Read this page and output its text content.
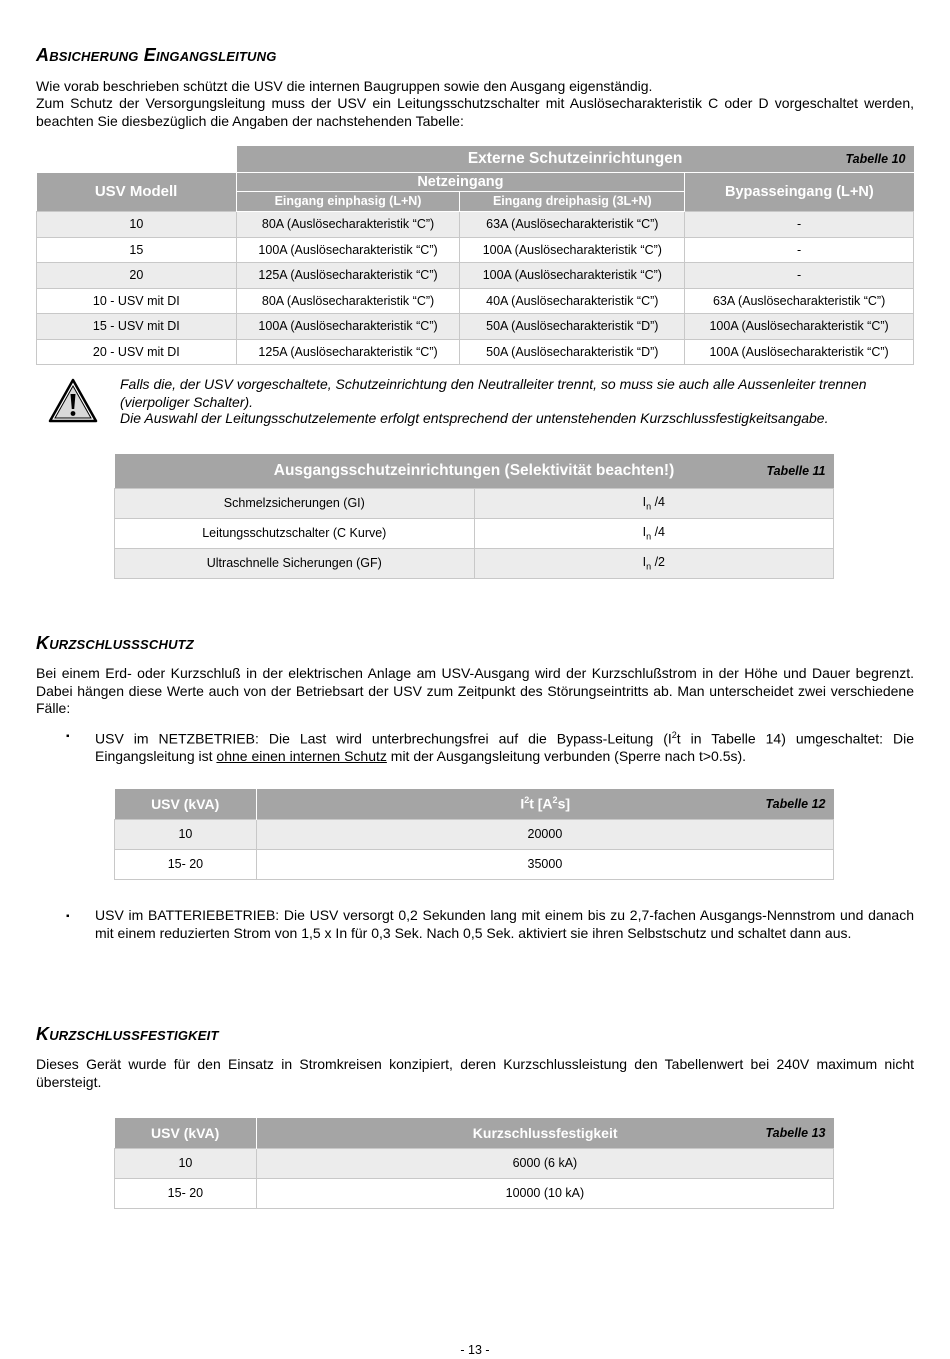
Absicherung Eingangsleitung

Wie vorab beschrieben schützt die USV die internen Baugruppen sowie den Ausgang eigenständig.

Zum Schutz der Versorgungsleitung muss der USV ein Leitungsschutzschalter mit Auslösecharakteristik C oder D vorgeschaltet werden, beachten Sie diesbezüglich die Angaben der nachstehenden Tabelle:

	Externe Schutzeinrichtungen Tabelle 10		

USV Modell	Netzeingang		Bypasseingang (L+N)
	Eingang einphasig (L+N)	Eingang dreiphasig (3L+N)	
10	80A (Auslösecharakteristik “C”)	63A (Auslösecharakteristik “C”)	-
15	100A (Auslösecharakteristik “C”)	100A (Auslösecharakteristik “C”)	-
20	125A (Auslösecharakteristik “C”)	100A (Auslösecharakteristik “C”)	-
10 - USV mit DI	80A (Auslösecharakteristik “C”)	40A (Auslösecharakteristik “C”)	63A (Auslösecharakteristik “C”)
15 - USV mit DI	100A (Auslösecharakteristik “C”)	50A (Auslösecharakteristik “D”)	100A (Auslösecharakteristik “C”)
20 - USV mit DI	125A (Auslösecharakteristik “C”)	50A (Auslösecharakteristik “D”)	100A (Auslösecharakteristik “C”)

Falls die, der USV vorgeschaltete, Schutzeinrichtung den Neutralleiter trennt, so muss sie auch alle Aussenleiter trennen (vierpoliger Schalter).

Die Auswahl der Leitungsschutzelemente erfolgt entsprechend der untenstehenden Kurzschlussfestigkeitsangabe.

Ausgangsschutzeinrichtungen (Selektivität beachten!) Tabelle 11	

Schmelzsicherungen (GI)	$I_n$ /4
Leitungsschutzschalter (C Kurve)	$I_n$ /4
Ultraschnelle Sicherungen (GF)	$I_n$ /2
Kurzschlussschutz

Bei einem Erd- oder Kurzschluß in der elektrischen Anlage am USV-Ausgang wird der Kurzschlußstrom in der Höhe und Dauer begrenzt. Dabei hängen diese Werte auch von der Betriebsart der USV zum Zeitpunkt des Störungseintritts ab. Man unterscheidet zwei verschiedene Fälle:

▪ USV im NETZBETRIEB: Die Last wird unterbrechungsfrei auf die Bypass-Leitung ($I^2t$ in Tabelle 14) umgeschaltet: Die Eingangsleitung ist ohne einen internen Schutz mit der Ausgangsleitung verbunden (Sperre nach t>0.5s).

USV (kVA)	$I^2t$ $[A^2s]$ Tabelle 12

10	20000
15- 20	35000
▪ USV im BATTERIEBETRIEB: Die USV versorgt 0,2 Sekunden lang mit einem bis zu 2,7-fachen Ausgangs-Nennstrom und danach mit einem reduzierten Strom von 1,5 x In für 0,3 Sek. Nach 0,5 Sek. aktiviert sie ihren Selbstschutz und schaltet dann aus.

Kurzschlussfestigkeit

Dieses Gerät wurde für den Einsatz in Stromkreisen konzipiert, deren Kurzschlussleistung den Tabellenwert bei 240V maximum nicht übersteigt.

USV (kVA)	Kurzschlussfestigkeit Tabelle 13

10	6000 (6 kA)
15- 20	10000 (10 kA)
- 13 -
